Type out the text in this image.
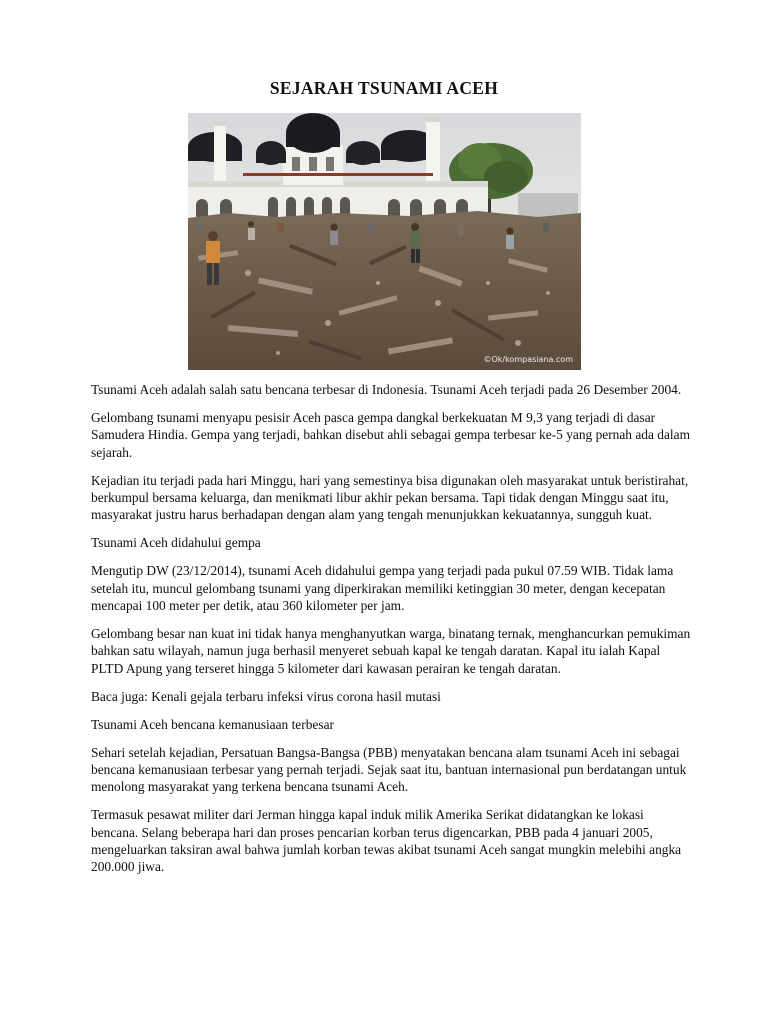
SEJARAH TSUNAMI ACEH
©Ok/kompasiana.com

Tsunami Aceh adalah salah satu bencana terbesar di Indonesia. Tsunami Aceh terjadi pada 26 Desember 2004.

Gelombang tsunami menyapu pesisir Aceh pasca gempa dangkal berkekuatan M 9,3 yang terjadi di dasar Samudera Hindia. Gempa yang terjadi, bahkan disebut ahli sebagai gempa terbesar ke-5 yang pernah ada dalam sejarah.

Kejadian itu terjadi pada hari Minggu, hari yang semestinya bisa digunakan oleh masyarakat untuk beristirahat, berkumpul bersama keluarga, dan menikmati libur akhir pekan bersama. Tapi tidak dengan Minggu saat itu, masyarakat justru harus berhadapan dengan alam yang tengah menunjukkan kekuatannya, sungguh kuat.

Tsunami Aceh didahului gempa

Mengutip DW (23/12/2014), tsunami Aceh didahului gempa yang terjadi pada pukul 07.59 WIB. Tidak lama setelah itu, muncul gelombang tsunami yang diperkirakan memiliki ketinggian 30 meter, dengan kecepatan mencapai 100 meter per detik, atau 360 kilometer per jam.

Gelombang besar nan kuat ini tidak hanya menghanyutkan warga, binatang ternak, menghancurkan pemukiman bahkan satu wilayah, namun juga berhasil menyeret sebuah kapal ke tengah daratan. Kapal itu ialah Kapal PLTD Apung yang terseret hingga 5 kilometer dari kawasan perairan ke tengah daratan.

Baca juga: Kenali gejala terbaru infeksi virus corona hasil mutasi

Tsunami Aceh bencana kemanusiaan terbesar

Sehari setelah kejadian, Persatuan Bangsa-Bangsa (PBB) menyatakan bencana alam tsunami Aceh ini sebagai bencana kemanusiaan terbesar yang pernah terjadi. Sejak saat itu, bantuan internasional pun berdatangan untuk menolong masyarakat yang terkena bencana tsunami Aceh.

Termasuk pesawat militer dari Jerman hingga kapal induk milik Amerika Serikat didatangkan ke lokasi bencana. Selang beberapa hari dan proses pencarian korban terus digencarkan, PBB pada 4 januari 2005, mengeluarkan taksiran awal bahwa jumlah korban tewas akibat tsunami Aceh sangat mungkin melebihi angka 200.000 jiwa.
